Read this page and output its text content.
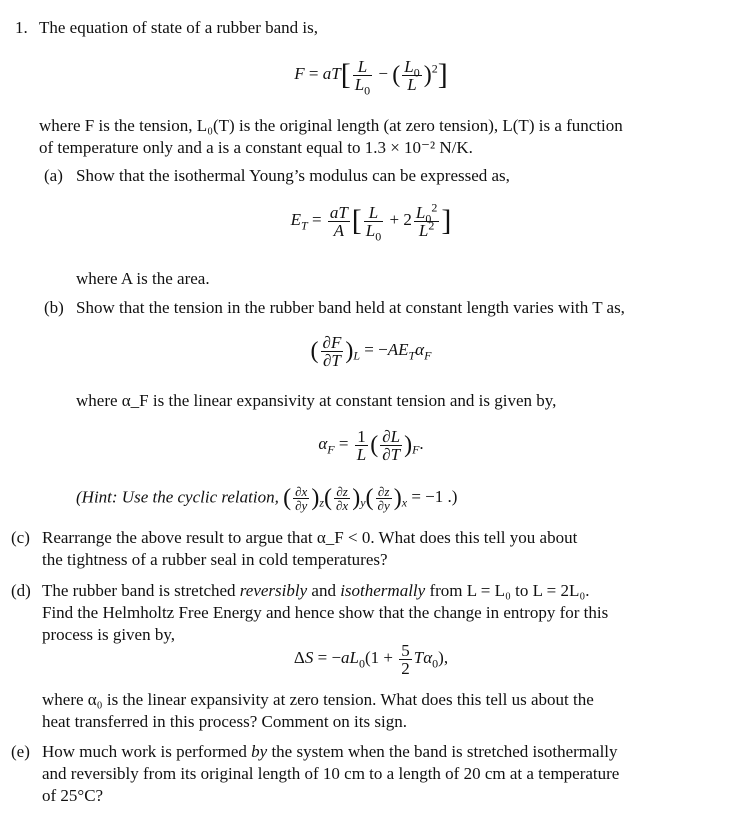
1. The equation of state of a rubber band is,
$F = aT[ \frac{L}{L_0}$ − ( $\frac{L_0}{L} )^2$]
where F is the tension, L₀(T) is the original length (at zero tension), L(T) is a function
of temperature only and a is a constant equal to 1.3 × 10⁻² N/K.
(a) Show that the isothermal Young’s modulus can be expressed as,
$E_T = \frac{aT}{A}$ [ $\frac{L}{L_0} + 2 \frac{L_0^2}{L^2}$ ]
where A is the area.
(b) Show that the tension in the rubber band held at constant length varies with T as,
( $\frac{\partial F}{\partial T} )_L = -AE_T\alpha_F$
where α_F is the linear expansivity at constant tension and is given by,
$\alpha_F = \frac{1}{L}$ ( $\frac{\partial L}{\partial T} )_F$.
(Hint: Use the cyclic relation, ( $\frac{\partial x}{\partial y} )_z( \frac{\partial z}{\partial x} )_y( \frac{\partial z}{\partial y} )_x = -1$ .)
(c) Rearrange the above result to argue that α_F < 0. What does this tell you about
the tightness of a rubber seal in cold temperatures?
(d) The rubber band is stretched reversibly and isothermally from L = L₀ to L = 2L₀.
Find the Helmholtz Free Energy and hence show that the change in entropy for this
process is given by,
$\Delta S = -aL_0(1 + \frac{5}{2} T\alpha_0)$,
where α₀ is the linear expansivity at zero tension. What does this tell us about the
heat transferred in this process? Comment on its sign.
(e) How much work is performed by the system when the band is stretched isothermally
and reversibly from its original length of 10 cm to a length of 20 cm at a temperature
of 25°C?
